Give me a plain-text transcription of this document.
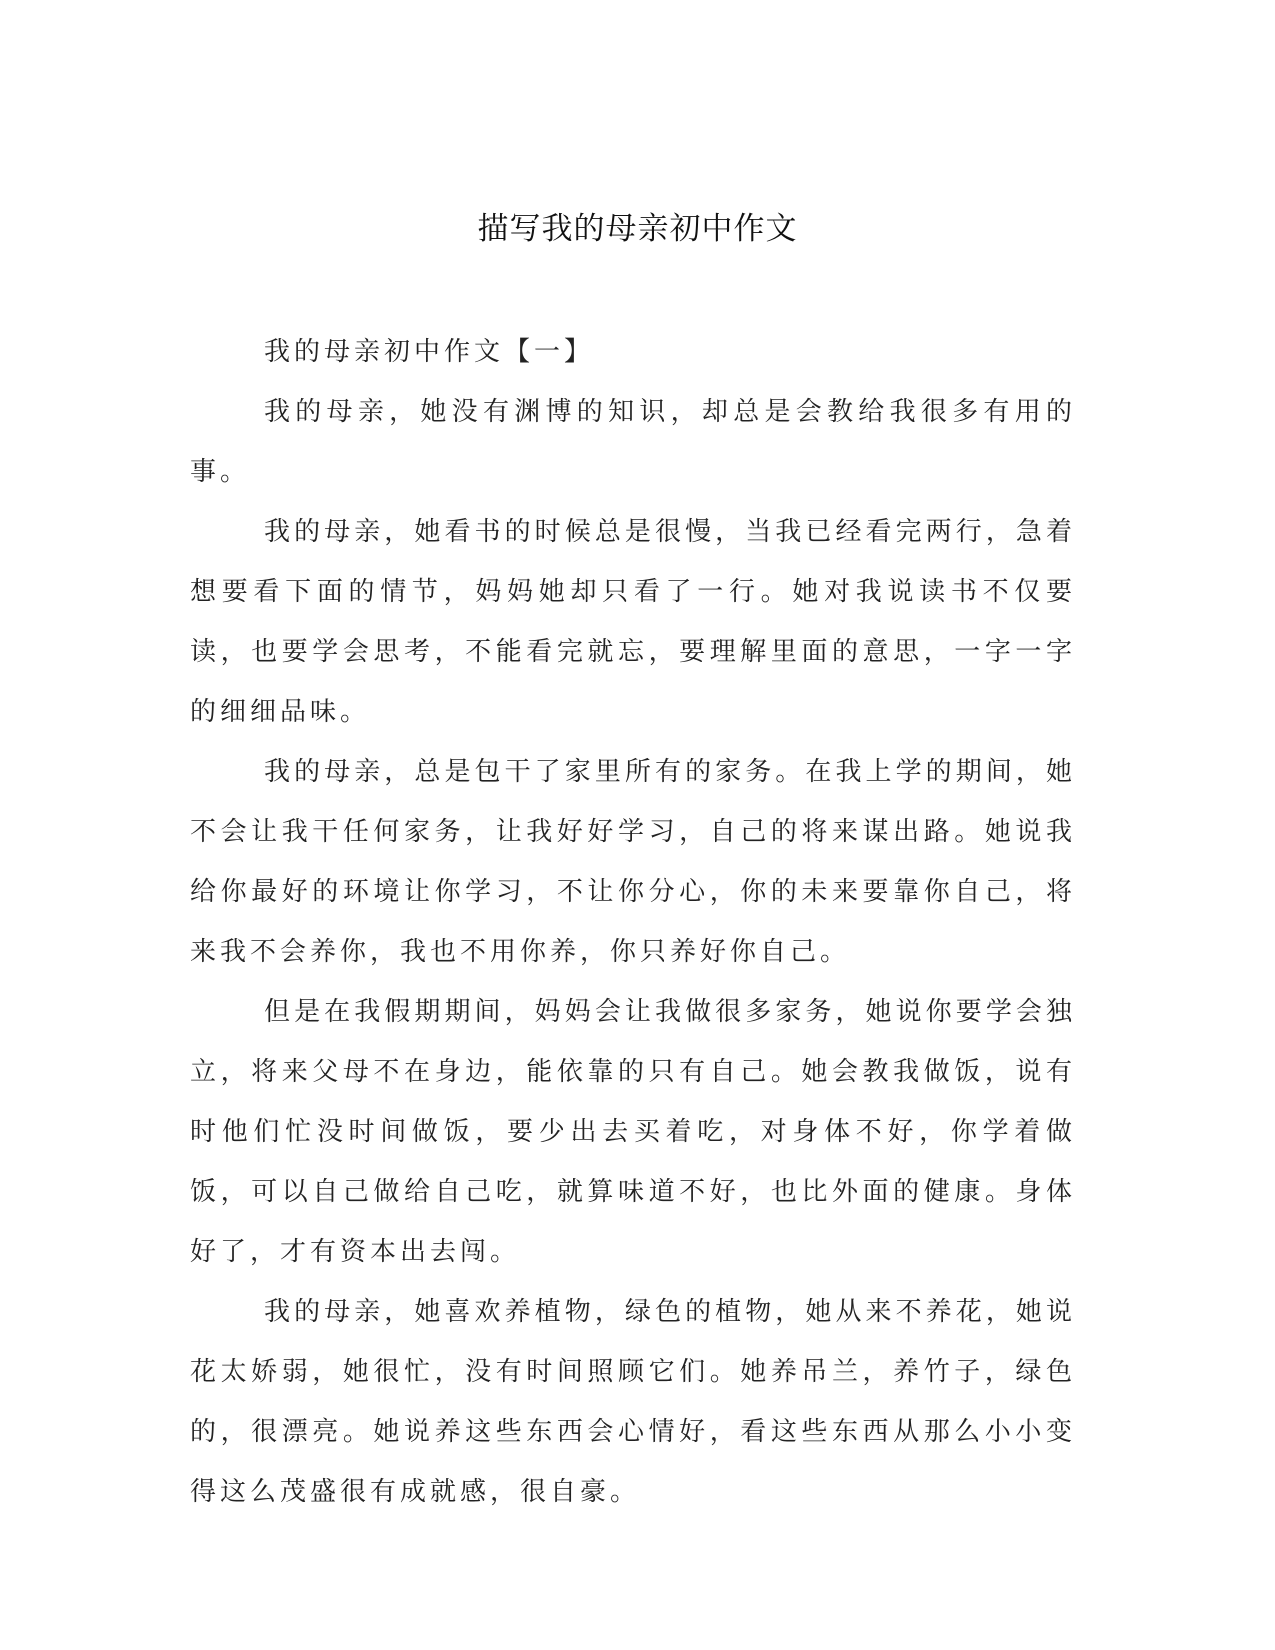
描写我的母亲初中作文
我的母亲初中作文【一】

我的母亲，她没有渊博的知识，却总是会教给我很多有用的事。

我的母亲，她看书的时候总是很慢，当我已经看完两行，急着想要看下面的情节，妈妈她却只看了一行。她对我说读书不仅要读，也要学会思考，不能看完就忘，要理解里面的意思，一字一字的细细品味。

我的母亲，总是包干了家里所有的家务。在我上学的期间，她不会让我干任何家务，让我好好学习，自己的将来谋出路。她说我给你最好的环境让你学习，不让你分心，你的未来要靠你自己，将来我不会养你，我也不用你养，你只养好你自己。

但是在我假期期间，妈妈会让我做很多家务，她说你要学会独立，将来父母不在身边，能依靠的只有自己。她会教我做饭，说有时他们忙没时间做饭，要少出去买着吃，对身体不好，你学着做饭，可以自己做给自己吃，就算味道不好，也比外面的健康。身体好了，才有资本出去闯。

我的母亲，她喜欢养植物，绿色的植物，她从来不养花，她说花太娇弱，她很忙，没有时间照顾它们。她养吊兰，养竹子，绿色的，很漂亮。她说养这些东西会心情好，看这些东西从那么小小变得这么茂盛很有成就感，很自豪。
